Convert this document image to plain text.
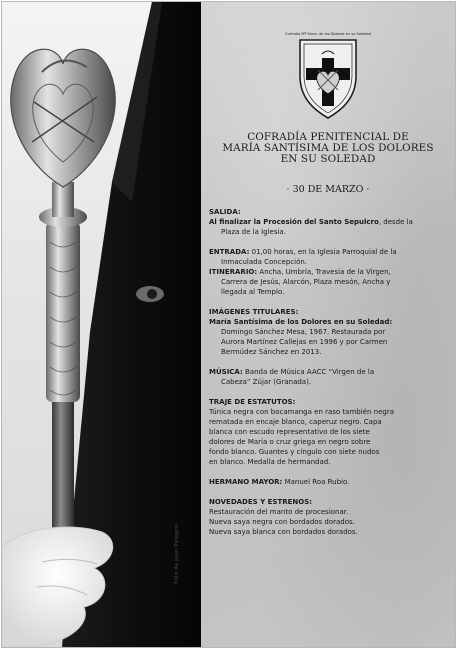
Foto de Juan Pelegrín
Cofradía Mª Stma. de los Dolores en su Soledad
COFRADÍA PENITENCIAL DE
MARÍA SANTÍSIMA DE LOS DOLORES
EN SU SOLEDAD
· 30 DE MARZO ·

SALIDA:

Al finalizar la Procesión del Santo Sepulcro, desde la

Plaza de la Iglesia.

ENTRADA: 01,00 horas, en la Iglesia Parroquial de la

Inmaculada Concepción.

ITINERARIO: Ancha, Umbría, Travesía de la Virgen,

Carrera de Jesús, Alarcón, Plaza mesón, Ancha y

llegada al Templo.

IMÁGENES TITULARES:

María Santísima de los Dolores en su Soledad:

Domingo Sánchez Mesa, 1967. Restaurada por

Aurora Martínez Callejas en 1996 y por Carmen

Bermúdez Sánchez en 2013.

MÚSICA: Banda de Música AACC “Virgen de la

Cabeza” Zújar (Granada).

TRAJE DE ESTATUTOS:

Túnica negra con bocamanga en raso también negra

rematada en encaje blanco, caperuz negro. Capa

blanca con escudo representativo de los siete

dolores de María o cruz griega en negro sobre

fondo blanco. Guantes y cíngulo con siete nudos

en blanco. Medalla de hermandad.

HERMANO MAYOR: Manuel Roa Rubio.

NOVEDADES Y ESTRENOS:

Restauración del manto de procesionar.

Nueva saya negra con bordados dorados.

Nueva saya blanca con bordados dorados.
